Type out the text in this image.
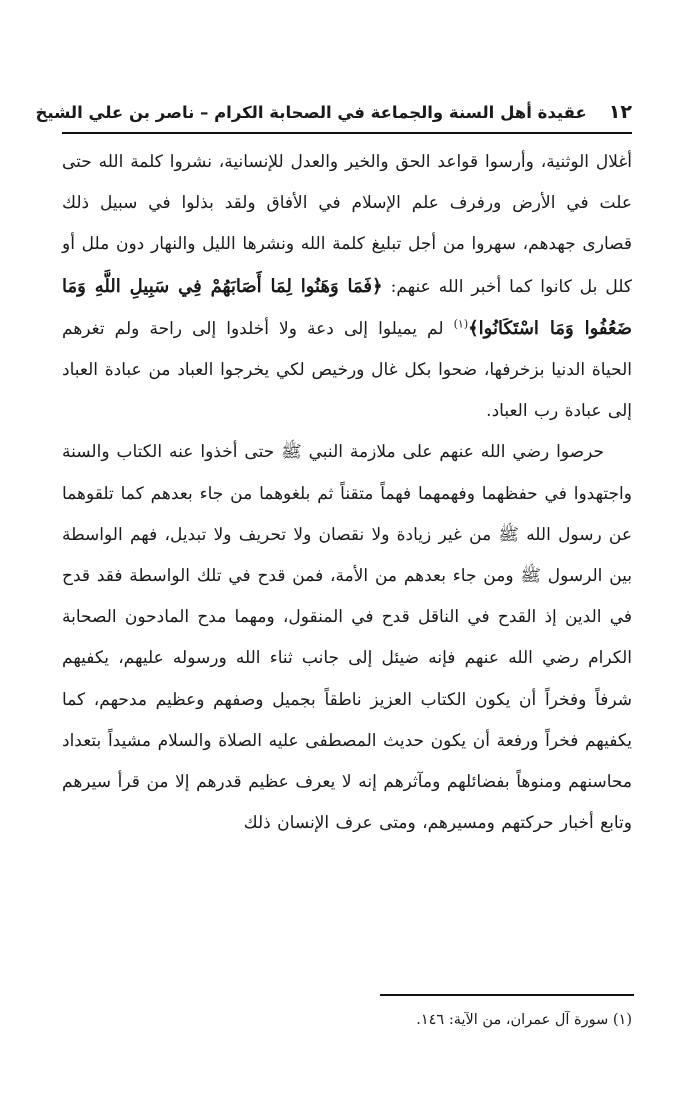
١٢
عقيدة أهل السنة والجماعة في الصحابة الكرام – ناصر بن علي الشيخ

أغلال الوثنية، وأرسوا قواعد الحق والخير والعدل للإنسانية، نشروا كلمة الله حتى علت في الأرض ورفرف علم الإسلام في الأفاق ولقد بذلوا في سبيل ذلك قصارى جهدهم، سهروا من أجل تبليغ كلمة الله ونشرها الليل والنهار دون ملل أو كلل بل كانوا كما أخبر الله عنهم: ﴿فَمَا وَهَنُوا لِمَا أَصَابَهُمْ فِي سَبِيلِ اللَّهِ وَمَا ضَعُفُوا وَمَا اسْتَكَانُوا﴾$^{(١)}$ لم يميلوا إلى دعة ولا أخلدوا إلى راحة ولم تغرهم الحياة الدنيا بزخرفها، ضحوا بكل غال ورخيص لكي يخرجوا العباد من عبادة العباد إلى عبادة رب العباد.

حرصوا رضي الله عنهم على ملازمة النبي ﷺ حتى أخذوا عنه الكتاب والسنة واجتهدوا في حفظهما وفهمهما فهماً متقناً ثم بلغوهما من جاء بعدهم كما تلقوهما عن رسول الله ﷺ من غير زيادة ولا نقصان ولا تحريف ولا تبديل، فهم الواسطة بين الرسول ﷺ ومن جاء بعدهم من الأمة، فمن قدح في تلك الواسطة فقد قدح في الدين إذ القدح في الناقل قدح في المنقول، ومهما مدح المادحون الصحابة الكرام رضي الله عنهم فإنه ضيئل إلى جانب ثناء الله ورسوله عليهم، يكفيهم شرفاً وفخراً أن يكون الكتاب العزيز ناطقاً بجميل وصفهم وعظيم مدحهم، كما يكفيهم فخراً ورفعة أن يكون حديث المصطفى عليه الصلاة والسلام مشيداً بتعداد محاسنهم ومنوهاً بفضائلهم ومآثرهم إنه لا يعرف عظيم قدرهم إلا من قرأ سيرهم وتابع أخبار حركتهم ومسيرهم، ومتى عرف الإنسان ذلك

(١) سورة آل عمران، من الآية: ١٤٦.
